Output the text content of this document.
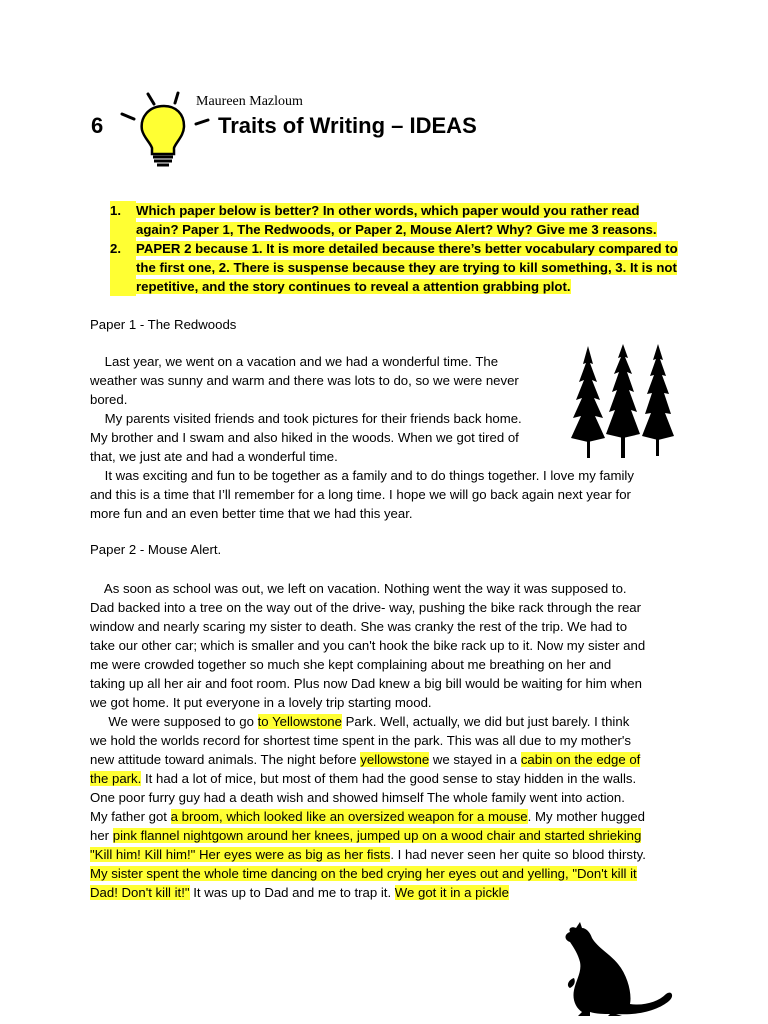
Maureen Mazloum
6	Traits of Writing – IDEAS
1.	Which paper below is better? In other words, which paper would you rather read
again? Paper 1, The Redwoods, or Paper 2, Mouse Alert? Why? Give me 3 reasons.
2.	PAPER 2 because 1. It is more detailed because there’s better vocabulary compared to
the first one, 2. There is suspense because they are trying to kill something, 3. It is not
repetitive, and the story continues to reveal a attention grabbing plot.
Paper 1 - The Redwoods
Last year, we went on a vacation and we had a wonderful time. The
weather was sunny and warm and there was lots to do, so we were never
bored.
My parents visited friends and took pictures for their friends back home.
My brother and I swam and also hiked in the woods. When we got tired of
that, we just ate and had a wonderful time.
It was exciting and fun to be together as a family and to do things together. I love my family
and this is a time that I’ll remember for a long time. I hope we will go back again next year for
more fun and an even better time that we had this year.
Paper 2 - Mouse Alert.
As soon as school was out, we left on vacation. Nothing went the way it was supposed to.
Dad backed into a tree on the way out of the drive- way, pushing the bike rack through the rear
window and nearly scaring my sister to death. She was cranky the rest of the trip. We had to
take our other car; which is smaller and you can't hook the bike rack up to it. Now my sister and
me were crowded together so much she kept complaining about me breathing on her and
taking up all her air and foot room. Plus now Dad knew a big bill would be waiting for him when
we got home. It put everyone in a lovely trip starting mood.
We were supposed to go to Yellowstone Park. Well, actually, we did but just barely. I think
we hold the worlds record for shortest time spent in the park. This was all due to my mother's
new attitude toward animals. The night before yellowstone we stayed in a cabin on the edge of
the park. It had a lot of mice, but most of them had the good sense to stay hidden in the walls.
One poor furry guy had a death wish and showed himself The whole family went into action.
My father got a broom, which looked like an oversized weapon for a mouse. My mother hugged
her pink flannel nightgown around her knees, jumped up on a wood chair and started shrieking
"Kill him! Kill him!" Her eyes were as big as her fists. I had never seen her quite so blood thirsty.
My sister spent the whole time dancing on the bed crying her eyes out and yelling, "Don't kill it
Dad! Don't kill it!" It was up to Dad and me to trap it. We got it in a pickle
